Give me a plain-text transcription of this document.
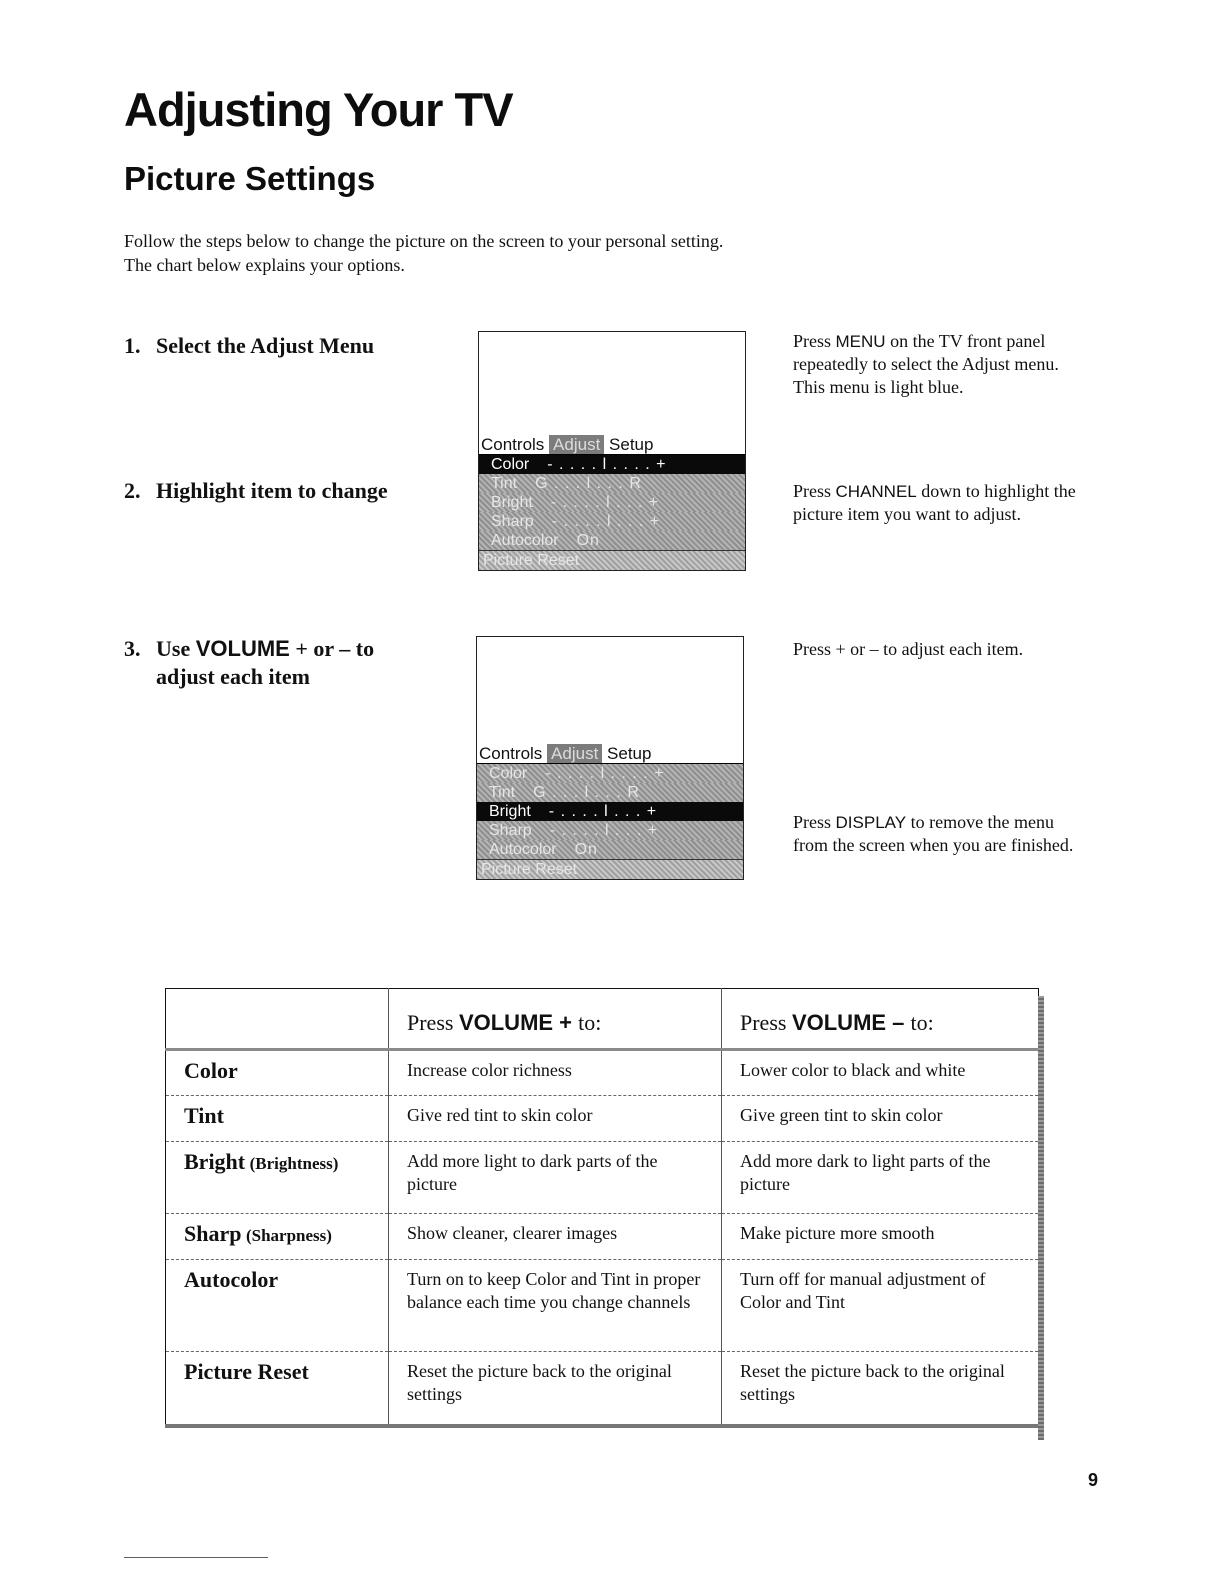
Adjusting Your TV
Picture Settings

Follow the steps below to change the picture on the screen to your personal setting. The chart below explains your options.

1. Select the Adjust Menu

2. Highlight item to change

3. Use VOLUME + or – to
adjust each item

Press MENU on the TV front panel repeatedly to select the Adjust menu. This menu is light blue.

Press CHANNEL down to highlight the picture item you want to adjust.

Press + or – to adjust each item.

Press DISPLAY to remove the menu from the screen when you are finished.

Controls Adjust Setup
Color - . . . . l . . . . +
Tint G . . . l . . . R
Bright - . . . . l . . . +
Sharp - . . . . l . . . +
Autocolor On
Picture Reset
Controls Adjust Setup
Color - . . . . l . . . . +
Tint G . . . l . . . R
Bright - . . . . l . . . +
Sharp - . . . . l . . . +
Autocolor On
Picture Reset
	Press VOLUME + to:	Press VOLUME – to:
Color	Increase color richness	Lower color to black and white
Tint	Give red tint to skin color	Give green tint to skin color
Bright (Brightness)	Add more light to dark parts of the picture	Add more dark to light parts of the picture
Sharp (Sharpness)	Show cleaner, clearer images	Make picture more smooth
Autocolor	Turn on to keep Color and Tint in proper balance each time you change channels	Turn off for manual adjustment of Color and Tint
Picture Reset	Reset the picture back to the original settings	Reset the picture back to the original settings

9
